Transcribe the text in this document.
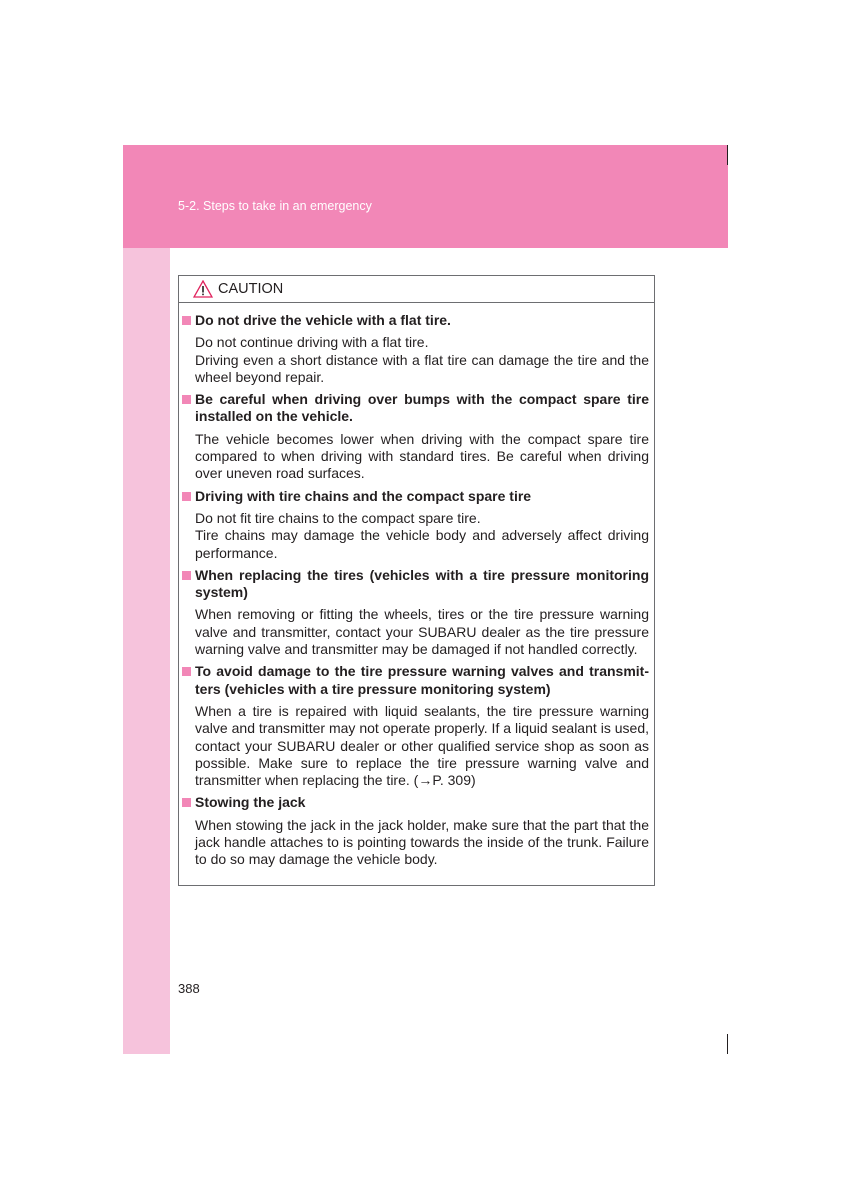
5-2. Steps to take in an emergency
CAUTION
Do not drive the vehicle with a flat tire.

Do not continue driving with a flat tire.

Driving even a short distance with a flat tire can damage the tire and the wheel beyond repair.

Be careful when driving over bumps with the compact spare tire installed on the vehicle.

The vehicle becomes lower when driving with the compact spare tire compared to when driving with standard tires. Be careful when driving over uneven road surfaces.

Driving with tire chains and the compact spare tire

Do not fit tire chains to the compact spare tire.

Tire chains may damage the vehicle body and adversely affect driving performance.

When replacing the tires (vehicles with a tire pressure monitoring system)

When removing or fitting the wheels, tires or the tire pressure warning valve and transmitter, contact your SUBARU dealer as the tire pressure warning valve and transmitter may be damaged if not handled correctly.

To avoid damage to the tire pressure warning valves and transmit-ters (vehicles with a tire pressure monitoring system)

When a tire is repaired with liquid sealants, the tire pressure warning valve and transmitter may not operate properly. If a liquid sealant is used, contact your SUBARU dealer or other qualified service shop as soon as possible. Make sure to replace the tire pressure warning valve and transmitter when replacing the tire. (→P. 309)

Stowing the jack

When stowing the jack in the jack holder, make sure that the part that the jack handle attaches to is pointing towards the inside of the trunk. Failure to do so may damage the vehicle body.

388
